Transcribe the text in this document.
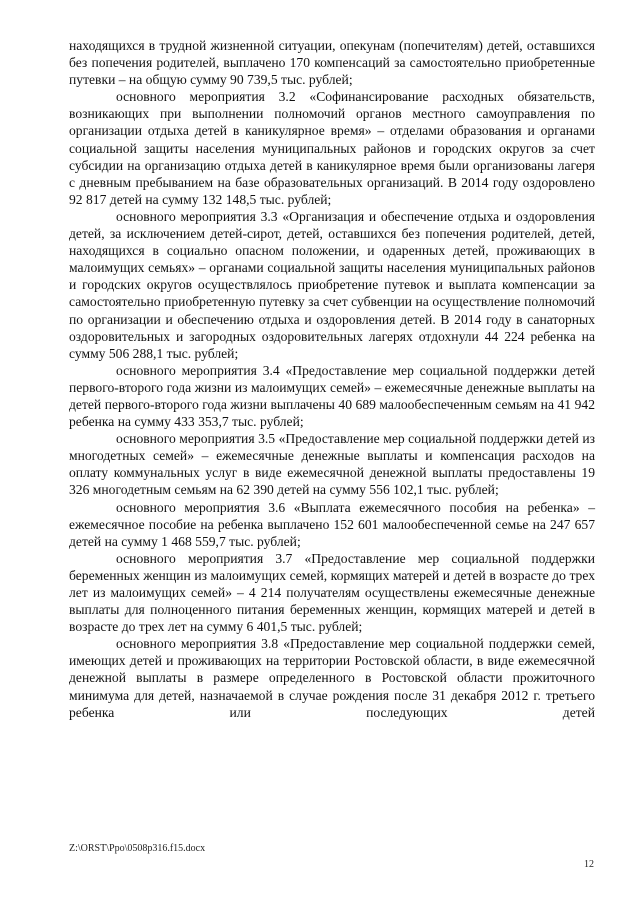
находящихся в трудной жизненной ситуации, опекунам (попечителям) детей, оставшихся без попечения родителей, выплачено 170 компенсаций за самостоятельно приобретенные путевки – на общую сумму 90 739,5 тыс. рублей;

основного мероприятия 3.2 «Софинансирование расходных обязательств, возникающих при выполнении полномочий органов местного самоуправления по организации отдыха детей в каникулярное время» – отделами образования и органами социальной защиты населения муниципальных районов и городских округов за счет субсидии на организацию отдыха детей в каникулярное время были организованы лагеря с дневным пребыванием на базе образовательных организаций. В 2014 году оздоровлено 92 817 детей на сумму 132 148,5 тыс. рублей;

основного мероприятия 3.3 «Организация и обеспечение отдыха и оздоровления детей, за исключением детей-сирот, детей, оставшихся без попечения родителей, детей, находящихся в социально опасном положении, и одаренных детей, проживающих в малоимущих семьях» – органами социальной защиты населения муниципальных районов и городских округов осуществлялось приобретение путевок и выплата компенсации за самостоятельно приобретенную путевку за счет субвенции на осуществление полномочий по организации и обеспечению отдыха и оздоровления детей. В 2014 году в санаторных оздоровительных и загородных оздоровительных лагерях отдохнули 44 224 ребенка на сумму 506 288,1 тыс. рублей;

основного мероприятия 3.4 «Предоставление мер социальной поддержки детей первого-второго года жизни из малоимущих семей» – ежемесячные денежные выплаты на детей первого-второго года жизни выплачены 40 689 малообеспеченным семьям на 41 942 ребенка на сумму 433 353,7 тыс. рублей;

основного мероприятия 3.5 «Предоставление мер социальной поддержки детей из многодетных семей» – ежемесячные денежные выплаты и компенсация расходов на оплату коммунальных услуг в виде ежемесячной денежной выплаты предоставлены 19 326 многодетным семьям на 62 390 детей на сумму 556 102,1 тыс. рублей;

основного мероприятия 3.6 «Выплата ежемесячного пособия на ребенка» – ежемесячное пособие на ребенка выплачено 152 601 малообеспеченной семье на 247 657 детей на сумму 1 468 559,7 тыс. рублей;

основного мероприятия 3.7 «Предоставление мер социальной поддержки беременных женщин из малоимущих семей, кормящих матерей и детей в возрасте до трех лет из малоимущих семей» – 4 214 получателям осуществлены ежемесячные денежные выплаты для полноценного питания беременных женщин, кормящих матерей и детей в возрасте до трех лет на сумму 6 401,5 тыс. рублей;

основного мероприятия 3.8 «Предоставление мер социальной поддержки семей, имеющих детей и проживающих на территории Ростовской области, в виде ежемесячной денежной выплаты в размере определенного в Ростовской области прожиточного минимума для детей, назначаемой в случае рождения после 31 декабря 2012 г. третьего ребенка или последующих детей

Z:\ORST\Ppo\0508p316.f15.docx
12
